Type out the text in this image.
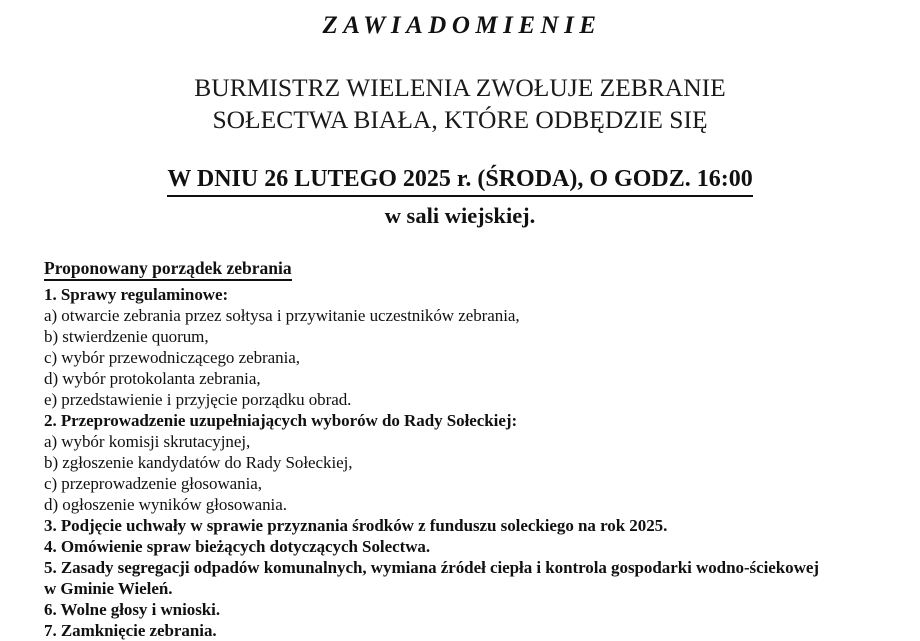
ZAWIADOMIENIE
BURMISTRZ WIELENIA ZWOŁUJE ZEBRANIE
SOŁECTWA BIAŁA, KTÓRE ODBĘDZIE SIĘ
W DNIU 26 LUTEGO 2025 r. (ŚRODA), O GODZ. 16:00
w sali wiejskiej.
Proponowany porządek zebrania
1. Sprawy regulaminowe:
a) otwarcie zebrania przez sołtysa i przywitanie uczestników zebrania,
b) stwierdzenie quorum,
c) wybór przewodniczącego zebrania,
d) wybór protokolanta zebrania,
e) przedstawienie i przyjęcie porządku obrad.
2. Przeprowadzenie uzupełniających wyborów do Rady Sołeckiej:
a) wybór komisji skrutacyjnej,
b) zgłoszenie kandydatów do Rady Sołeckiej,
c) przeprowadzenie głosowania,
d) ogłoszenie wyników głosowania.
3. Podjęcie uchwały w sprawie przyznania środków z funduszu soleckiego na rok 2025.
4. Omówienie spraw bieżących dotyczących Solectwa.
5. Zasady segregacji odpadów komunalnych, wymiana źródeł ciepła i kontrola gospodarki wodno-ściekowej
w Gminie Wieleń.
6. Wolne głosy i wnioski.
7. Zamknięcie zebrania.
